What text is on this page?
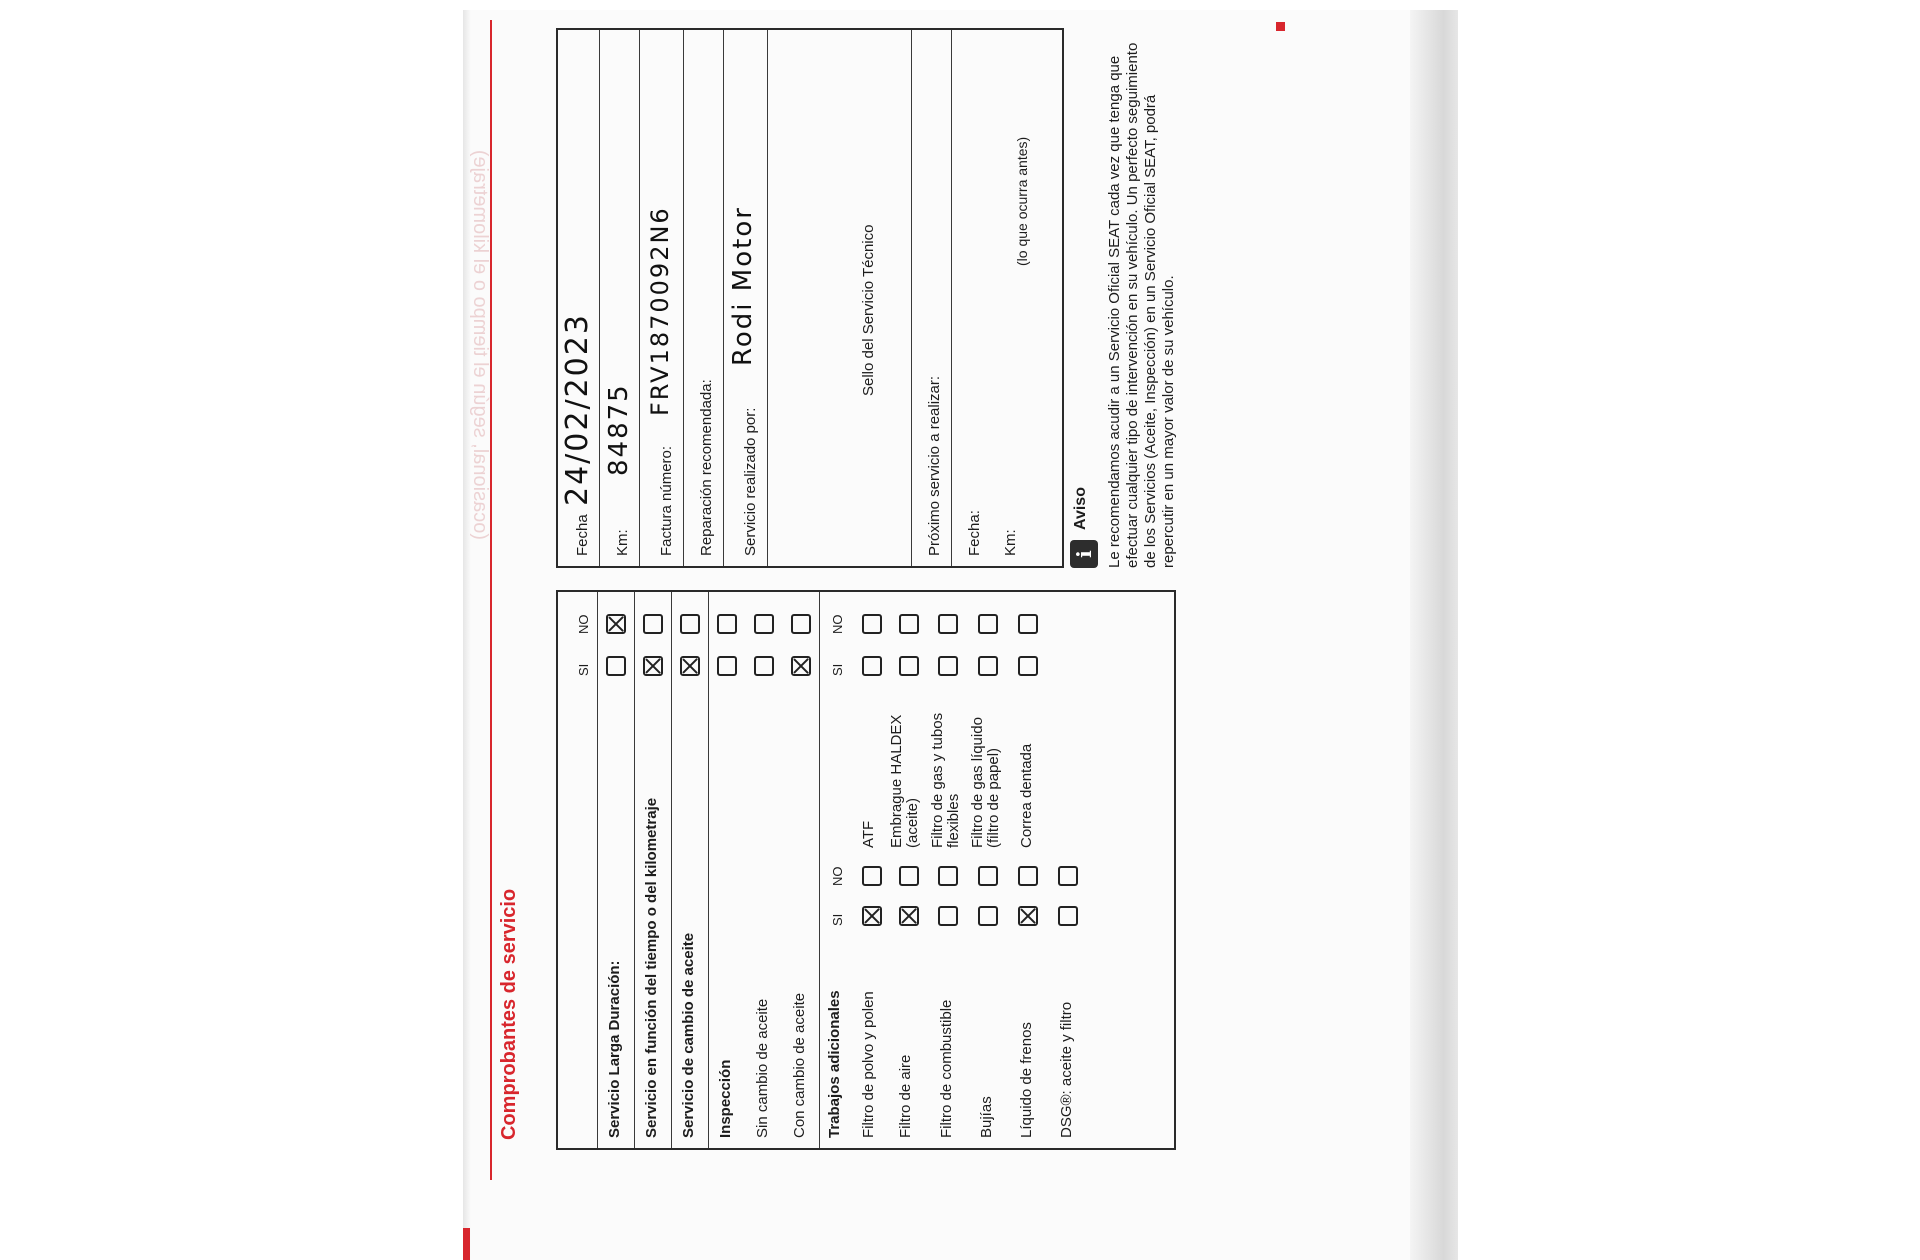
Comprobantes de servicio
(ocasional, según el tiempo o el kilometraje)
SI
NO
Servicio Larga Duración: Servicio en función del tiempo o del kilometraje Servicio de cambio de aceite Inspección Sin cambio de aceite Con cambio de aceite Trabajos adicionales
SI
NO
SI
NO
Filtro de polvo y polen
ATF
Filtro de aire
Embrague HALDEX (aceite)
Filtro de combustible
Filtro de gas y tubos flexibles
Bujías
Filtro de gas líquido (filtro de papel)
Líquido de frenos
Correa dentada
DSG®: aceite y filtro
Fecha
24/02/2023
Km:
84875
Factura número:
FRV1870092N6
Reparación recomendada: Servicio realizado por:
Rodi Motor	Sello del Servicio Técnico
Próximo servicio a realizar: Fecha: Km:
(lo que ocurra antes)
i
Aviso Le recomendamos acudir a un Servicio Oficial SEAT cada vez que tenga que efectuar cualquier tipo de intervención en su vehículo. Un perfecto seguimiento de los Servicios (Aceite, Inspección) en un Servicio Oficial SEAT, podrá repercutir en un mayor valor de su vehículo.
